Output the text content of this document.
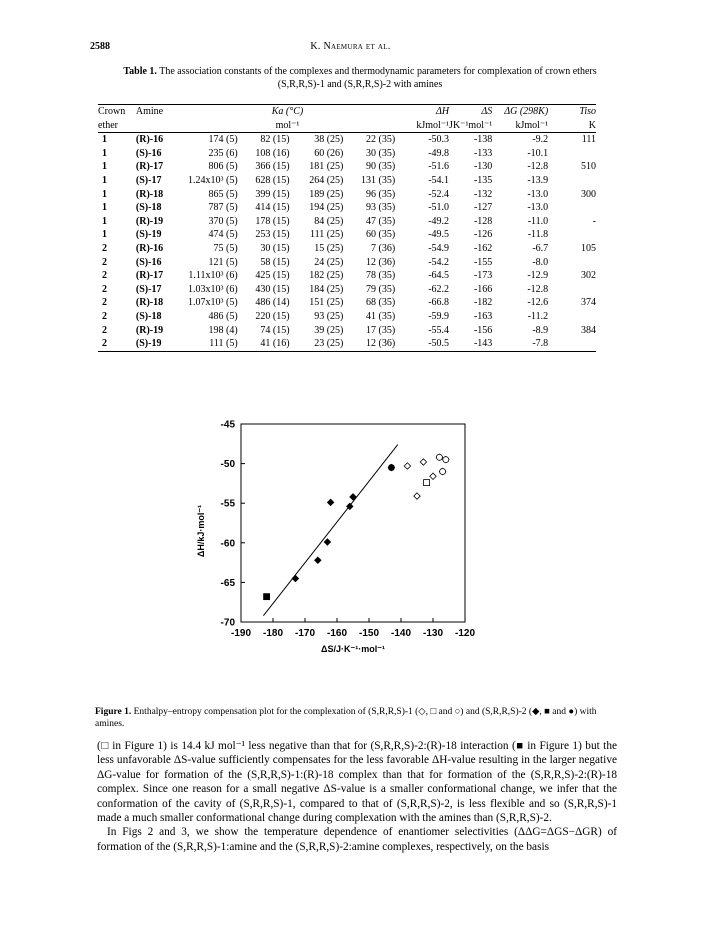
2588	K. Naemura et al.
Table 1. The association constants of the complexes and thermodynamic parameters for complexation of crown ethers (S,R,R,S)-1 and (S,R,R,S)-2 with amines
Crown	Amine	Ka (°C)				ΔH	ΔS	ΔG (298K)	Tiso
ether		mol⁻¹				kJmol⁻¹	JK⁻¹mol⁻¹	kJmol⁻¹	K
1	(R)-16	174 (5)	82 (15)	38 (25)	22 (35)	-50.3	-138	-9.2	111
1	(S)-16	235 (6)	108 (16)	60 (26)	30 (35)	-49.8	-133	-10.1	
1	(R)-17	806 (5)	366 (15)	181 (25)	90 (35)	-51.6	-130	-12.8	510
1	(S)-17	1.24x10³ (5)	628 (15)	264 (25)	131 (35)	-54.1	-135	-13.9	
1	(R)-18	865 (5)	399 (15)	189 (25)	96 (35)	-52.4	-132	-13.0	300
1	(S)-18	787 (5)	414 (15)	194 (25)	93 (35)	-51.0	-127	-13.0	
1	(R)-19	370 (5)	178 (15)	84 (25)	47 (35)	-49.2	-128	-11.0	-
1	(S)-19	474 (5)	253 (15)	111 (25)	60 (35)	-49.5	-126	-11.8	
2	(R)-16	75 (5)	30 (15)	15 (25)	7 (36)	-54.9	-162	-6.7	105
2	(S)-16	121 (5)	58 (15)	24 (25)	12 (36)	-54.2	-155	-8.0	
2	(R)-17	1.11x10³ (6)	425 (15)	182 (25)	78 (35)	-64.5	-173	-12.9	302
2	(S)-17	1.03x10³ (6)	430 (15)	184 (25)	79 (35)	-62.2	-166	-12.8	
2	(R)-18	1.07x10³ (5)	486 (14)	151 (25)	68 (35)	-66.8	-182	-12.6	374
2	(S)-18	486 (5)	220 (15)	93 (25)	41 (35)	-59.9	-163	-11.2	
2	(R)-19	198 (4)	74 (15)	39 (25)	17 (35)	-55.4	-156	-8.9	384
2	(S)-19	111 (5)	41 (16)	23 (25)	12 (36)	-50.5	-143	-7.8	
-45
-50
-55
-60
-65
-70
-190 -180 -170 -160 -150 -140 -130 -120
ΔS/J·K⁻¹·mol⁻¹
ΔH/kJ·mol⁻¹
Figure 1. Enthalpy–entropy compensation plot for the complexation of (S,R,R,S)-1 (◇, □ and ○) and (S,R,R,S)-2 (◆, ■ and ●) with amines.

(□ in Figure 1) is 14.4 kJ mol⁻¹ less negative than that for (S,R,R,S)-2:(R)-18 interaction (■ in Figure 1) but the less unfavorable ΔS-value sufficiently compensates for the less favorable ΔH-value resulting in the larger negative ΔG-value for formation of the (S,R,R,S)-1:(R)-18 complex than that for formation of the (S,R,R,S)-2:(R)-18 complex. Since one reason for a small negative ΔS-value is a smaller conformational change, we infer that the conformation of the cavity of (S,R,R,S)-1, compared to that of (S,R,R,S)-2, is less flexible and so (S,R,R,S)-1 made a much smaller conformational change during complexation with the amines than (S,R,R,S)-2.

In Figs 2 and 3, we show the temperature dependence of enantiomer selectivities (ΔΔG=ΔGS−ΔGR) of formation of the (S,R,R,S)-1:amine and the (S,R,R,S)-2:amine complexes, respectively, on the basis
